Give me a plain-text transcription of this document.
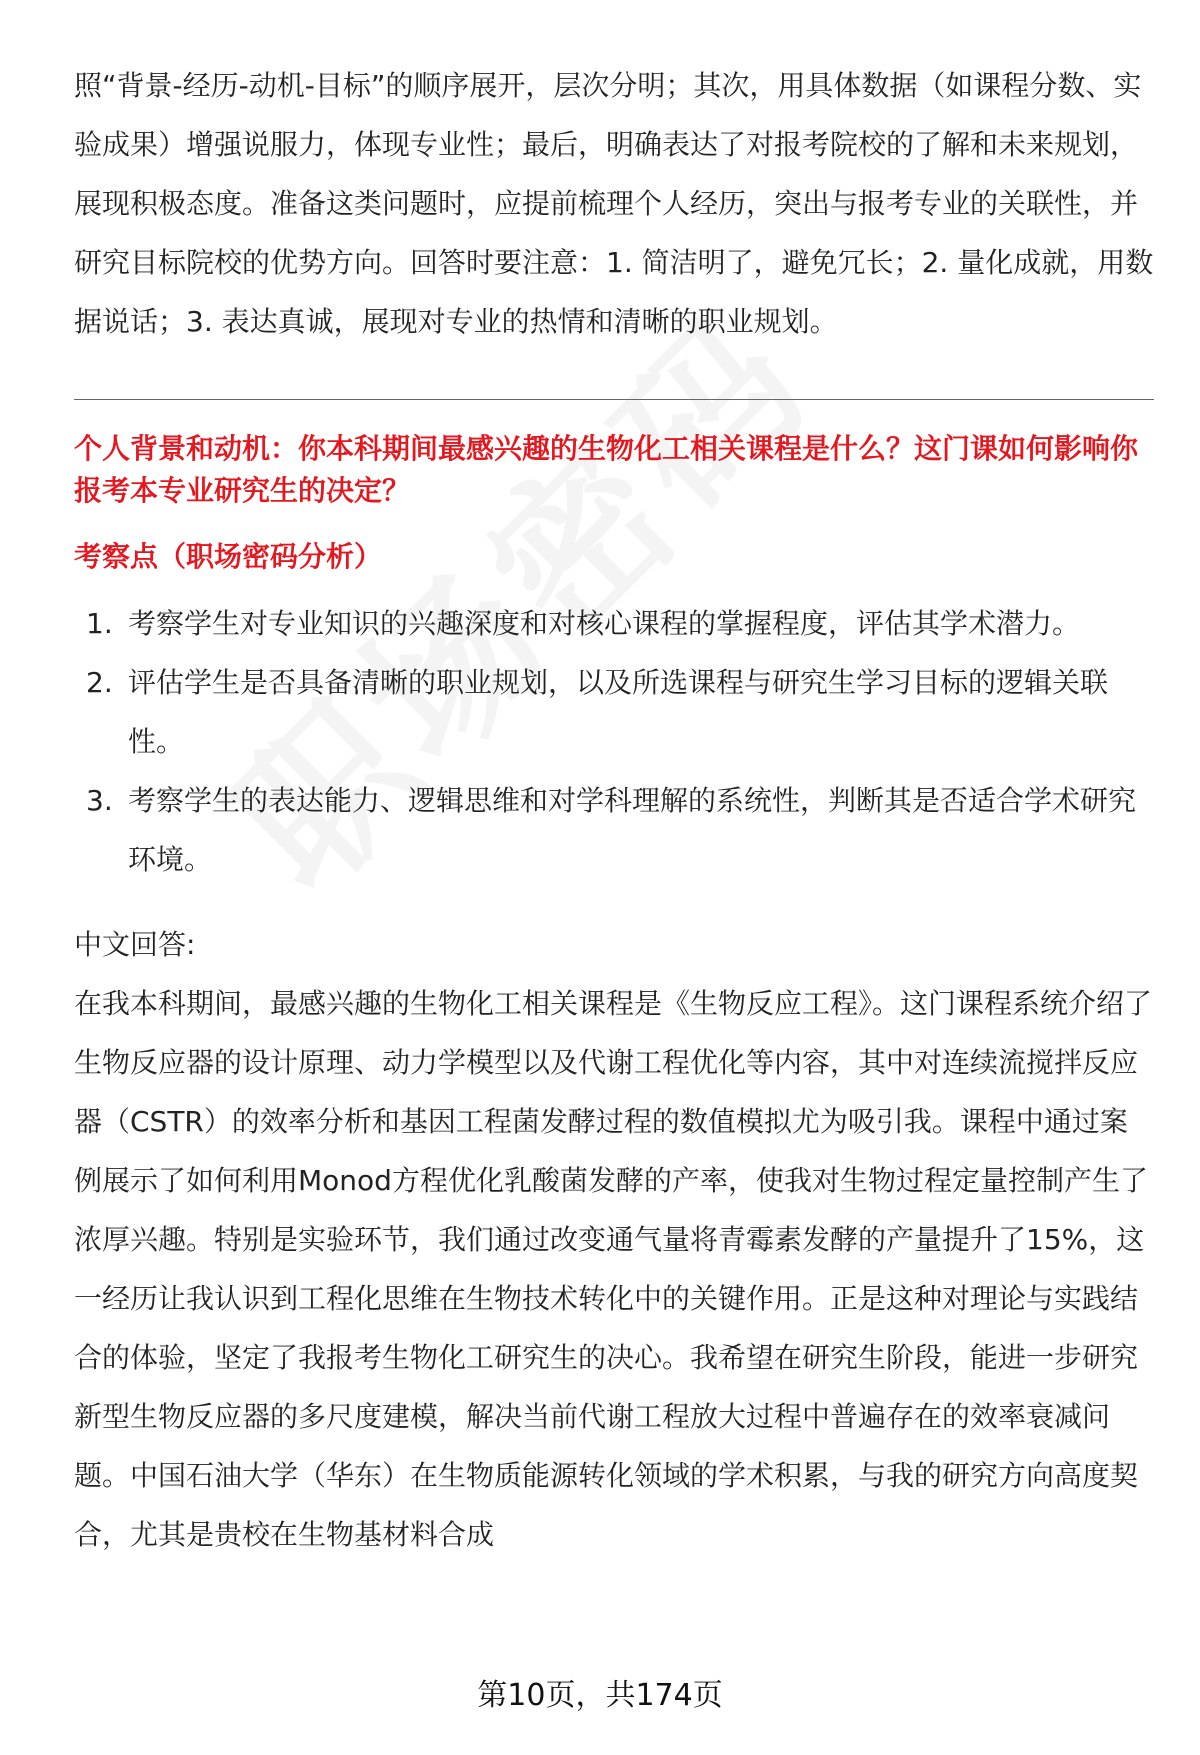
照“背景-经历-动机-目标”的顺序展开，层次分明；其次，用具体数据（如课程分数、实验成果）增强说服力，体现专业性；最后，明确表达了对报考院校的了解和未来规划，展现积极态度。准备这类问题时，应提前梳理个人经历，突出与报考专业的关联性，并研究目标院校的优势方向。回答时要注意：1. 简洁明了，避免冗长；2. 量化成就，用数据说话；3. 表达真诚，展现对专业的热情和清晰的职业规划。

个人背景和动机：你本科期间最感兴趣的生物化工相关课程是什么？这门课如何影响你报考本专业研究生的决定？

考察点（职场密码分析）

1. 考察学生对专业知识的兴趣深度和对核心课程的掌握程度，评估其学术潜力。
2. 评估学生是否具备清晰的职业规划，以及所选课程与研究生学习目标的逻辑关联性。
3. 考察学生的表达能力、逻辑思维和对学科理解的系统性，判断其是否适合学术研究环境。

中文回答:

在我本科期间，最感兴趣的生物化工相关课程是《生物反应工程》。这门课程系统介绍了生物反应器的设计原理、动力学模型以及代谢工程优化等内容，其中对连续流搅拌反应器（CSTR）的效率分析和基因工程菌发酵过程的数值模拟尤为吸引我。课程中通过案例展示了如何利用Monod方程优化乳酸菌发酵的产率，使我对生物过程定量控制产生了浓厚兴趣。特别是实验环节，我们通过改变通气量将青霉素发酵的产量提升了15%，这一经历让我认识到工程化思维在生物技术转化中的关键作用。正是这种对理论与实践结合的体验，坚定了我报考生物化工研究生的决心。我希望在研究生阶段，能进一步研究新型生物反应器的多尺度建模，解决当前代谢工程放大过程中普遍存在的效率衰减问题。中国石油大学（华东）在生物质能源转化领域的学术积累，与我的研究方向高度契合，尤其是贵校在生物基材料合成

第10页，共174页
